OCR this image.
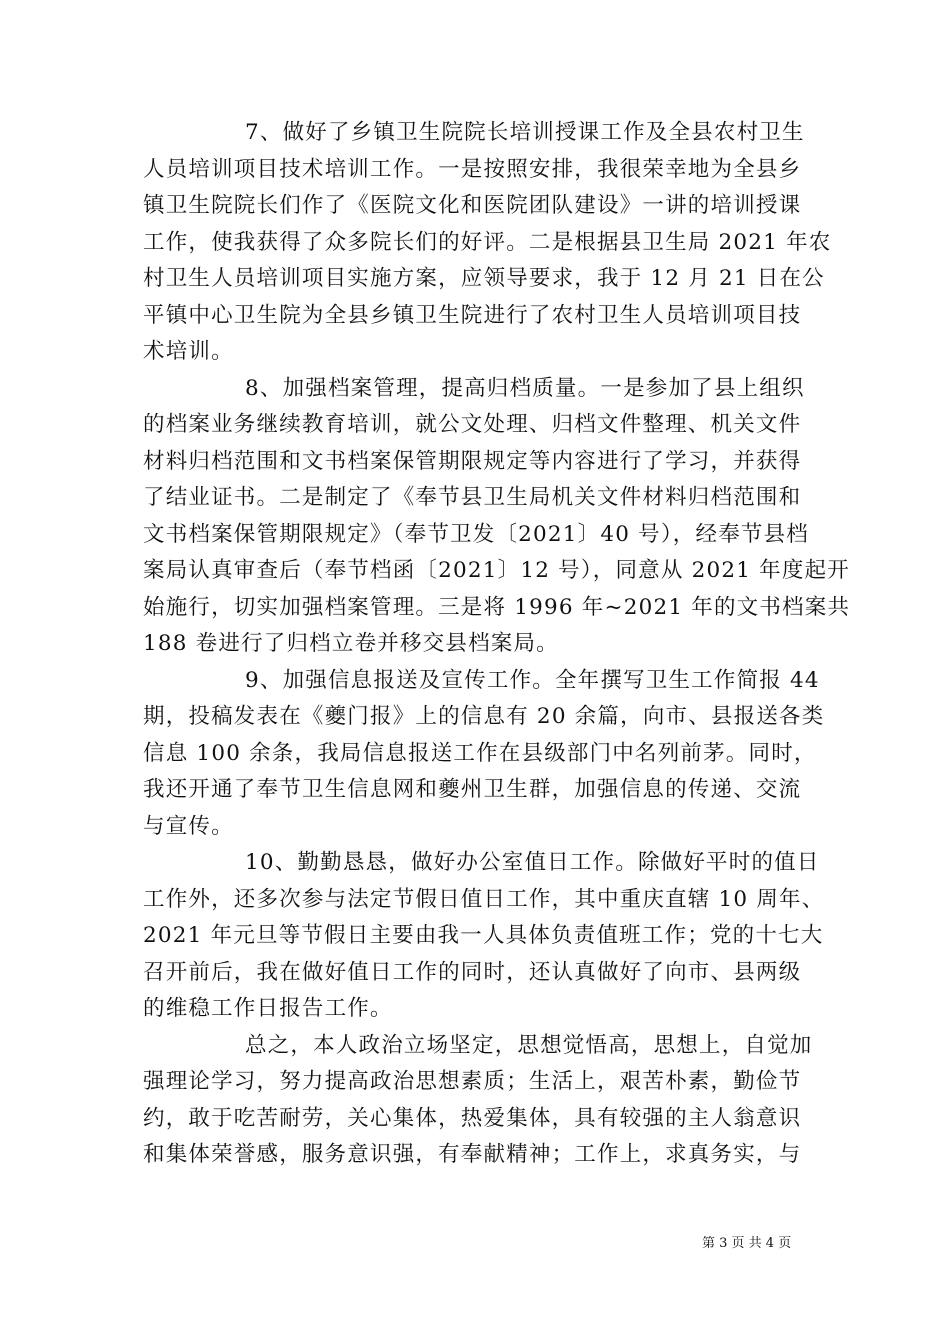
7、做好了乡镇卫生院院长培训授课工作及全县农村卫生
人员培训项目技术培训工作。一是按照安排，我很荣幸地为全县乡
镇卫生院院长们作了《医院文化和医院团队建设》一讲的培训授课
工作，使我获得了众多院长们的好评。二是根据县卫生局 2021 年农
村卫生人员培训项目实施方案，应领导要求，我于 12 月 21 日在公
平镇中心卫生院为全县乡镇卫生院进行了农村卫生人员培训项目技
术培训。
8、加强档案管理，提高归档质量。一是参加了县上组织
的档案业务继续教育培训，就公文处理、归档文件整理、机关文件
材料归档范围和文书档案保管期限规定等内容进行了学习，并获得
了结业证书。二是制定了《奉节县卫生局机关文件材料归档范围和
文书档案保管期限规定》（奉节卫发〔2021〕40 号），经奉节县档
案局认真审查后（奉节档函〔2021〕12 号），同意从 2021 年度起开
始施行，切实加强档案管理。三是将 1996 年~2021 年的文书档案共
188 卷进行了归档立卷并移交县档案局。
9、加强信息报送及宣传工作。全年撰写卫生工作简报 44
期，投稿发表在《夔门报》上的信息有 20 余篇，向市、县报送各类
信息 100 余条，我局信息报送工作在县级部门中名列前茅。同时，
我还开通了奉节卫生信息网和夔州卫生群，加强信息的传递、交流
与宣传。
10、勤勤恳恳，做好办公室值日工作。除做好平时的值日
工作外，还多次参与法定节假日值日工作，其中重庆直辖 10 周年、
2021 年元旦等节假日主要由我一人具体负责值班工作；党的十七大
召开前后，我在做好值日工作的同时，还认真做好了向市、县两级
的维稳工作日报告工作。
总之，本人政治立场坚定，思想觉悟高，思想上，自觉加
强理论学习，努力提高政治思想素质；生活上，艰苦朴素，勤俭节
约，敢于吃苦耐劳，关心集体，热爱集体，具有较强的主人翁意识
和集体荣誉感，服务意识强，有奉献精神；工作上，求真务实，与
第 3 页 共 4 页
